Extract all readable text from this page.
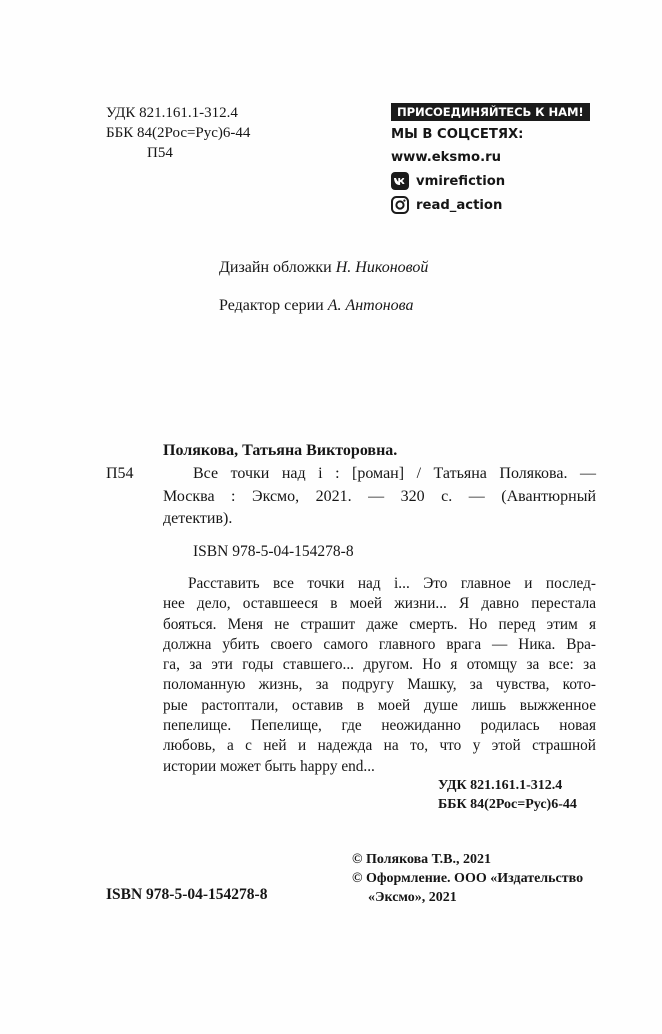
УДК 821.161.1-312.4
ББК 84(2Рос=Рус)6-44
П54
ПРИСОЕДИНЯЙТЕСЬ К НАМ!
МЫ В СОЦСЕТЯХ:
www.eksmo.ru
vmirefiction
read_action
Дизайн обложки Н. Никоновой
Редактор серии А. Антонова
Полякова, Татьяна Викторовна.
П54	Все точки над i : [роман] / Татьяна Полякова. —
Москва : Эксмо, 2021. — 320 с. — (Авантюрный
детектив).
ISBN 978-5-04-154278-8
Расставить все точки над i... Это главное и послед-
нее дело, оставшееся в моей жизни... Я давно перестала
бояться. Меня не страшит даже смерть. Но перед этим я
должна убить своего самого главного врага — Ника. Вра-
га, за эти годы ставшего... другом. Но я отомщу за все: за
поломанную жизнь, за подругу Машку, за чувства, кото-
рые растоптали, оставив в моей душе лишь выжженное
пепелище. Пепелище, где неожиданно родилась новая
любовь, а с ней и надежда на то, что у этой страшной
истории может быть happy end...
УДК 821.161.1-312.4
ББК 84(2Рос=Рус)6-44
© Полякова Т.В., 2021
© Оформление. ООО «Издательство
«Эксмо», 2021
ISBN 978-5-04-154278-8
